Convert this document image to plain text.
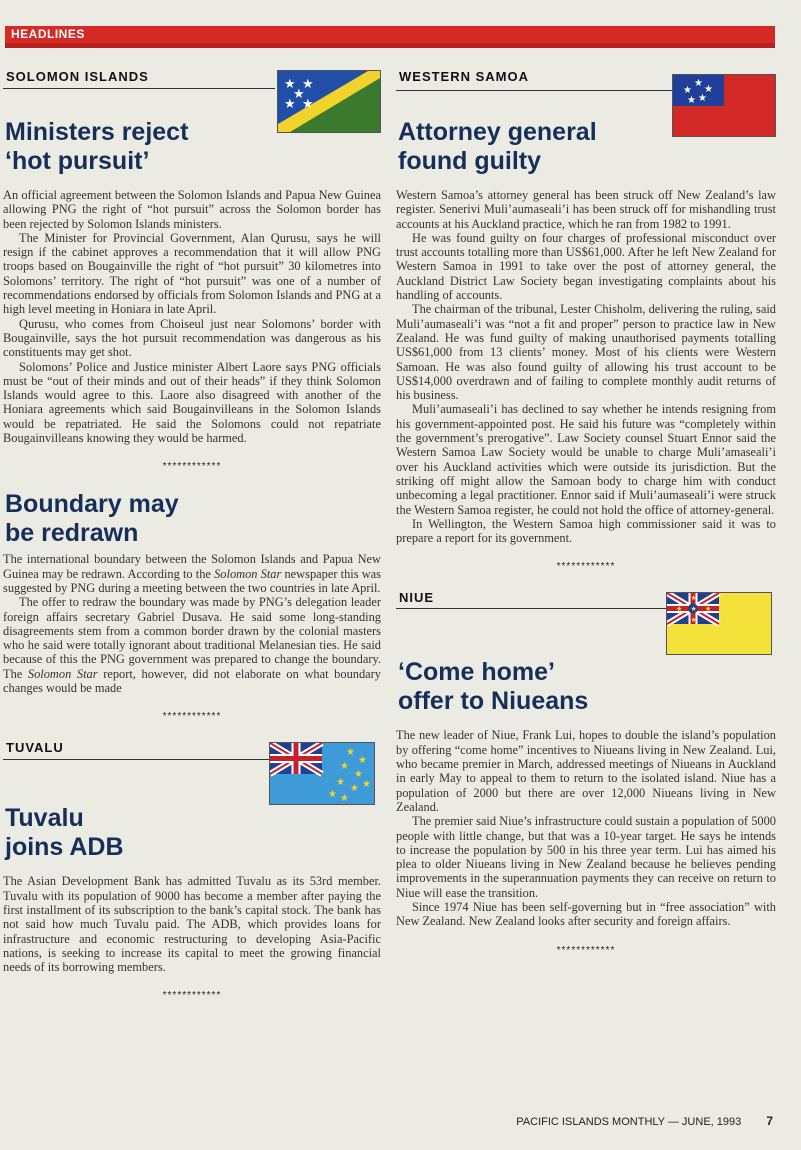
HEADLINES
SOLOMON ISLANDS
★ ★
★
★ ★
Ministers reject
‘hot pursuit’

An official agreement between the Solomon Islands and Papua New Guinea allowing PNG the right of “hot pursuit” across the Solomon border has been rejected by Solomon Islands ministers.

The Minister for Provincial Government, Alan Qurusu, says he will resign if the cabinet approves a recommendation that it will allow PNG troops based on Bougainville the right of “hot pursuit” 30 kilometres into Solomons’ territory. The right of “hot pursuit” was one of a number of recommendations endorsed by officials from Solomon Islands and PNG at a high level meeting in Honiara in late April.

Qurusu, who comes from Choiseul just near Solomons’ border with Bougainville, says the hot pursuit recommendation was dangerous as his constituents may get shot.

Solomons’ Police and Justice minister Albert Laore says PNG officials must be “out of their minds and out of their heads” if they think Solomon Islands would agree to this. Laore also disagreed with another of the Honiara agreements which said Bougainvilleans in the Solomon Islands would be repatriated. He said the Solomons could not repatriate Bougainvilleans knowing they would be harmed.

************
Boundary may
be redrawn

The international boundary between the Solomon Islands and Papua New Guinea may be redrawn. According to the Solomon Star newspaper this was suggested by PNG during a meeting between the two countries in late April.

The offer to redraw the boundary was made by PNG’s delegation leader foreign affairs secretary Gabriel Dusava. He said some long-standing disagreements stem from a common border drawn by the colonial masters who he said were totally ignorant about traditional Melanesian ties. He said because of this the PNG government was prepared to change the boundary. The Solomon Star report, however, did not elaborate on what boundary changes would be made

************
TUVALU	★
★
★
★
★
★
★
★
★
Tuvalu
joins ADB

The Asian Development Bank has admitted Tuvalu as its 53rd member. Tuvalu with its population of 9000 has become a member after paying the first installment of its subscription to the bank’s capital stock. The bank has not said how much Tuvalu paid. The ADB, which provides loans for infrastructure and economic restructuring to developing Asia-Pacific nations, is seeking to increase its capital to meet the growing financial needs of its borrowing members.

************
WESTERN SAMOA	★
★ ★
★ ★
Attorney general
found guilty

Western Samoa’s attorney general has been struck off New Zealand’s law register. Senerivi Muli’aumaseali’i has been struck off for mishandling trust accounts at his Auckland practice, which he ran from 1982 to 1991.

He was found guilty on four charges of professional misconduct over trust accounts totalling more than US$61,000. After he left New Zealand for Western Samoa in 1991 to take over the post of attorney general, the Auckland District Law Society began investigating complaints about his handling of accounts.

The chairman of the tribunal, Lester Chisholm, delivering the ruling, said Muli’aumaseali’i was “not a fit and proper” person to practice law in New Zealand. He was fund guilty of making unauthorised payments totalling US$61,000 from 13 clients’ money. Most of his clients were Western Samoan. He was also found guilty of allowing his trust account to be US$14,000 overdrawn and of failing to complete monthly audit returns of his business.

Muli’aumaseali’i has declined to say whether he intends resigning from his government-appointed post. He said his future was “completely within the government’s prerogative”. Law Society counsel Stuart Ennor said the Western Samoa Law Society would be unable to charge Muli’amaseali’i over his Auckland activities which were outside its jurisdiction. But the striking off might allow the Samoan body to charge him with conduct unbecoming a legal practitioner. Ennor said if Muli’aumaseali’i were struck the Western Samoa register, he could not hold the office of attorney-general.

In Wellington, the Western Samoa high commissioner said it was to prepare a report for its government.

************
NIUE
★
★
★
★	★
‘Come home’
offer to Niueans

The new leader of Niue, Frank Lui, hopes to double the island’s population by offering “come home” incentives to Niueans living in New Zealand. Lui, who became premier in March, addressed meetings of Niueans in Auckland in early May to appeal to them to return to the isolated island. Niue has a population of 2000 but there are over 12,000 Niueans living in New Zealand.

The premier said Niue’s infrastructure could sustain a population of 5000 people with little change, but that was a 10-year target. He says he intends to increase the population by 500 in his three year term. Lui has aimed his plea to older Niueans living in New Zealand because he believes pending improvements in the superannuation payments they can receive on return to Niue will ease the transition.

Since 1974 Niue has been self-governing but in “free association” with New Zealand. New Zealand looks after security and foreign affairs.

************
PACIFIC ISLANDS MONTHLY — JUNE, 1993 7
